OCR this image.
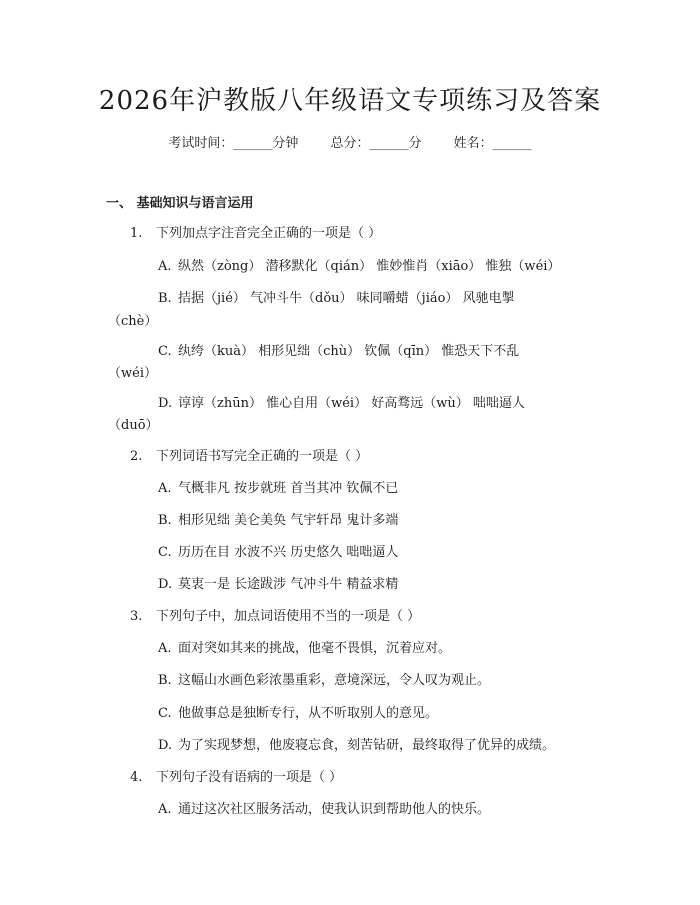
2026年沪教版八年级语文专项练习及答案
考试时间：______分钟 总分：______分 姓名：______
一、 基础知识与语言运用
1. 下列加点字注音完全正确的一项是（ ）
A. 纵然（zòng） 潜移默化（qián） 惟妙惟肖（xiāo） 惟独（wéi）
B. 拮据（jié） 气冲斗牛（dǒu） 味同嚼蜡（jiáo） 风驰电掣
（chè）
C. 纨绔（kuà） 相形见绌（chù） 钦佩（qīn） 惟恐天下不乱
（wéi）
D. 谆谆（zhūn） 惟心自用（wéi） 好高骛远（wù） 咄咄逼人
（duō）
2. 下列词语书写完全正确的一项是（ ）
A. 气概非凡 按步就班 首当其冲 钦佩不已
B. 相形见绌 美仑美奂 气宇轩昂 鬼计多端
C. 历历在目 水波不兴 历史悠久 咄咄逼人
D. 莫衷一是 长途跋涉 气冲斗牛 精益求精
3. 下列句子中，加点词语使用不当的一项是（ ）
A. 面对突如其来的挑战，他毫不畏惧，沉着应对。
B. 这幅山水画色彩浓墨重彩，意境深远，令人叹为观止。
C. 他做事总是独断专行，从不听取别人的意见。
D. 为了实现梦想，他废寝忘食，刻苦钻研，最终取得了优异的成绩。
4. 下列句子没有语病的一项是（ ）
A. 通过这次社区服务活动，使我认识到帮助他人的快乐。
